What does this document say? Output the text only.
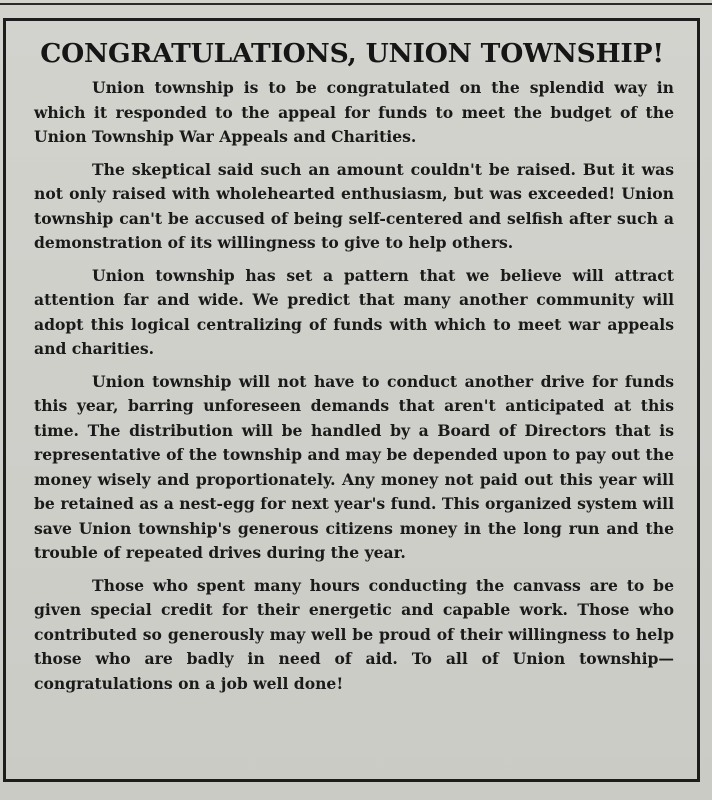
CONGRATULATIONS, UNION TOWNSHIP!

Union township is to be congratulated on the splendid way in which it responded to the appeal for funds to meet the budget of the Union Township War Appeals and Charities.

The skeptical said such an amount couldn't be raised. But it was not only raised with wholehearted enthusiasm, but was exceeded! Union township can't be accused of being self-centered and selfish after such a demonstration of its willingness to give to help others.

Union township has set a pattern that we believe will attract attention far and wide. We predict that many another community will adopt this logical centralizing of funds with which to meet war appeals and charities.

Union township will not have to conduct another drive for funds this year, barring unforeseen demands that aren't anticipated at this time. The distribution will be handled by a Board of Directors that is representative of the township and may be depended upon to pay out the money wisely and proportionately. Any money not paid out this year will be retained as a nest-egg for next year's fund. This organized system will save Union township's generous citizens money in the long run and the trouble of repeated drives during the year.

Those who spent many hours conducting the canvass are to be given special credit for their energetic and capable work. Those who contributed so generously may well be proud of their willingness to help those who are badly in need of aid. To all of Union township—congratulations on a job well done!
